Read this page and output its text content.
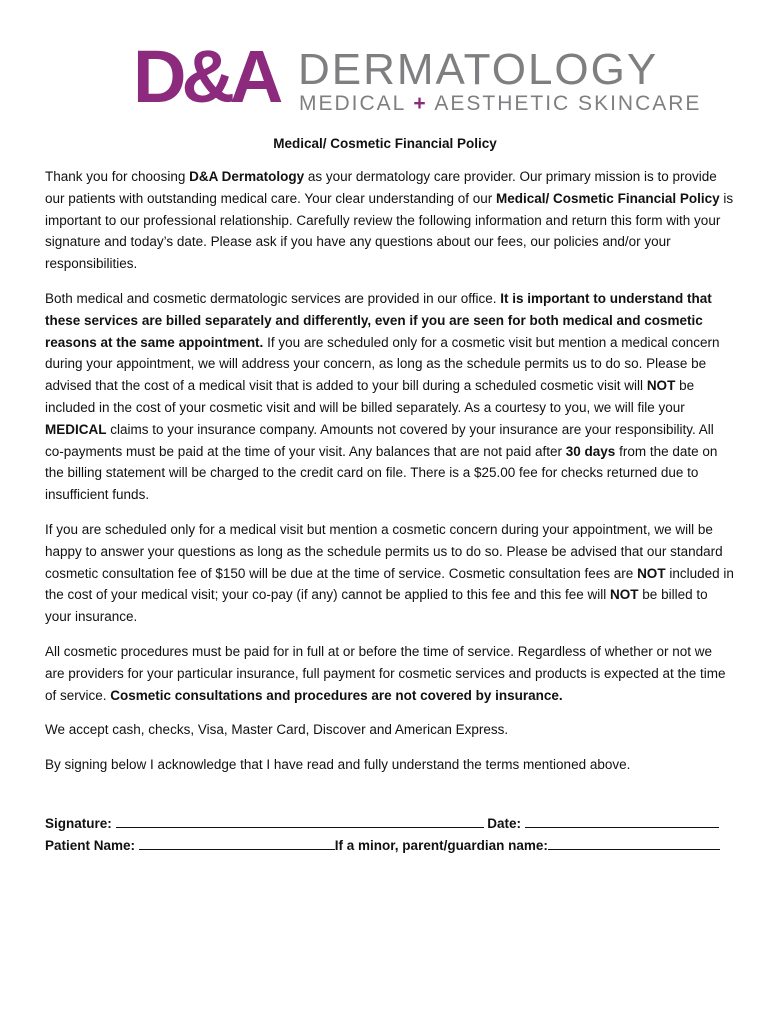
D&A DERMATOLOGY
MEDICAL + AESTHETIC SKINCARE
Medical/ Cosmetic Financial Policy

Thank you for choosing D&A Dermatology as your dermatology care provider. Our primary mission is to provide our patients with outstanding medical care. Your clear understanding of our Medical/ Cosmetic Financial Policy is important to our professional relationship. Carefully review the following information and return this form with your signature and today’s date. Please ask if you have any questions about our fees, our policies and/or your responsibilities.

Both medical and cosmetic dermatologic services are provided in our office. It is important to understand that these services are billed separately and differently, even if you are seen for both medical and cosmetic reasons at the same appointment. If you are scheduled only for a cosmetic visit but mention a medical concern during your appointment, we will address your concern, as long as the schedule permits us to do so. Please be advised that the cost of a medical visit that is added to your bill during a scheduled cosmetic visit will NOT be included in the cost of your cosmetic visit and will be billed separately. As a courtesy to you, we will file your MEDICAL claims to your insurance company. Amounts not covered by your insurance are your responsibility. All co-payments must be paid at the time of your visit. Any balances that are not paid after 30 days from the date on the billing statement will be charged to the credit card on file. There is a $25.00 fee for checks returned due to insufficient funds.

If you are scheduled only for a medical visit but mention a cosmetic concern during your appointment, we will be happy to answer your questions as long as the schedule permits us to do so. Please be advised that our standard cosmetic consultation fee of $150 will be due at the time of service. Cosmetic consultation fees are NOT included in the cost of your medical visit; your co-pay (if any) cannot be applied to this fee and this fee will NOT be billed to your insurance.

All cosmetic procedures must be paid for in full at or before the time of service. Regardless of whether or not we are providers for your particular insurance, full payment for cosmetic services and products is expected at the time of service. Cosmetic consultations and procedures are not covered by insurance.

We accept cash, checks, Visa, Master Card, Discover and American Express.

By signing below I acknowledge that I have read and fully understand the terms mentioned above.

Signature:	Date:
Patient Name:	If a minor, parent/guardian name:
